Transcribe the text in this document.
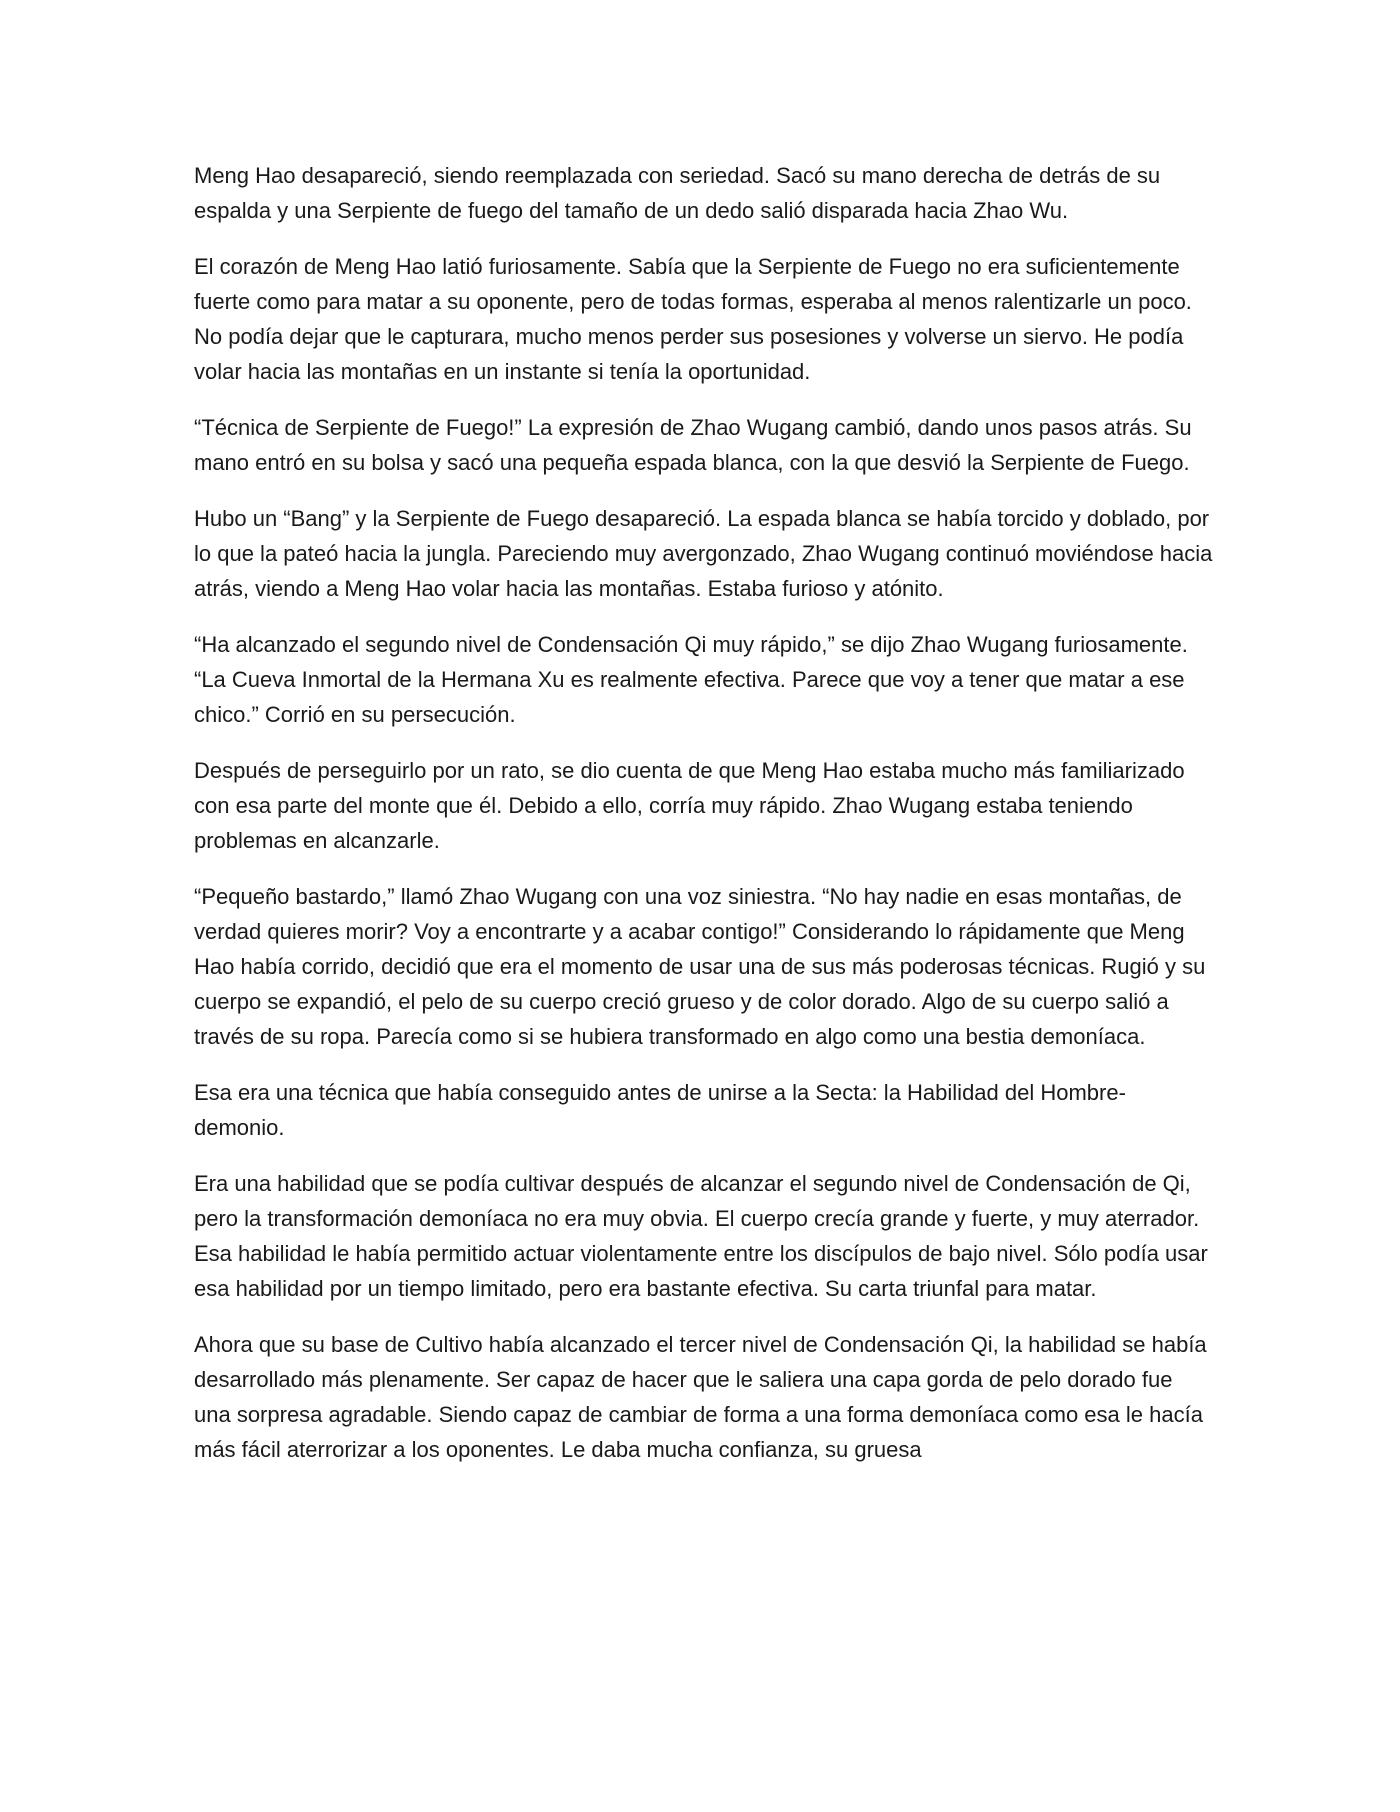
Meng Hao desapareció, siendo reemplazada con seriedad. Sacó su mano derecha de detrás de su espalda y una Serpiente de fuego del tamaño de un dedo salió disparada hacia Zhao Wu.

El corazón de Meng Hao latió furiosamente. Sabía que la Serpiente de Fuego no era suficientemente fuerte como para matar a su oponente, pero de todas formas, esperaba al menos ralentizarle un poco. No podía dejar que le capturara, mucho menos perder sus posesiones y volverse un siervo. He podía volar hacia las montañas en un instante si tenía la oportunidad.

“Técnica de Serpiente de Fuego!” La expresión de Zhao Wugang cambió, dando unos pasos atrás. Su mano entró en su bolsa y sacó una pequeña espada blanca, con la que desvió la Serpiente de Fuego.

Hubo un “Bang” y la Serpiente de Fuego desapareció. La espada blanca se había torcido y doblado, por lo que la pateó hacia la jungla. Pareciendo muy avergonzado, Zhao Wugang continuó moviéndose hacia atrás, viendo a Meng Hao volar hacia las montañas. Estaba furioso y atónito.

“Ha alcanzado el segundo nivel de Condensación Qi muy rápido,” se dijo Zhao Wugang furiosamente. “La Cueva Inmortal de la Hermana Xu es realmente efectiva. Parece que voy a tener que matar a ese chico.” Corrió en su persecución.

Después de perseguirlo por un rato, se dio cuenta de que Meng Hao estaba mucho más familiarizado con esa parte del monte que él. Debido a ello, corría muy rápido. Zhao Wugang estaba teniendo problemas en alcanzarle.

“Pequeño bastardo,” llamó Zhao Wugang con una voz siniestra. “No hay nadie en esas montañas, de verdad quieres morir? Voy a encontrarte y a acabar contigo!” Considerando lo rápidamente que Meng Hao había corrido, decidió que era el momento de usar una de sus más poderosas técnicas. Rugió y su cuerpo se expandió, el pelo de su cuerpo creció grueso y de color dorado. Algo de su cuerpo salió a través de su ropa. Parecía como si se hubiera transformado en algo como una bestia demoníaca.

Esa era una técnica que había conseguido antes de unirse a la Secta: la Habilidad del Hombre-demonio.

Era una habilidad que se podía cultivar después de alcanzar el segundo nivel de Condensación de Qi, pero la transformación demoníaca no era muy obvia. El cuerpo crecía grande y fuerte, y muy aterrador. Esa habilidad le había permitido actuar violentamente entre los discípulos de bajo nivel. Sólo podía usar esa habilidad por un tiempo limitado, pero era bastante efectiva. Su carta triunfal para matar.

Ahora que su base de Cultivo había alcanzado el tercer nivel de Condensación Qi, la habilidad se había desarrollado más plenamente. Ser capaz de hacer que le saliera una capa gorda de pelo dorado fue una sorpresa agradable. Siendo capaz de cambiar de forma a una forma demoníaca como esa le hacía más fácil aterrorizar a los oponentes. Le daba mucha confianza, su gruesa
